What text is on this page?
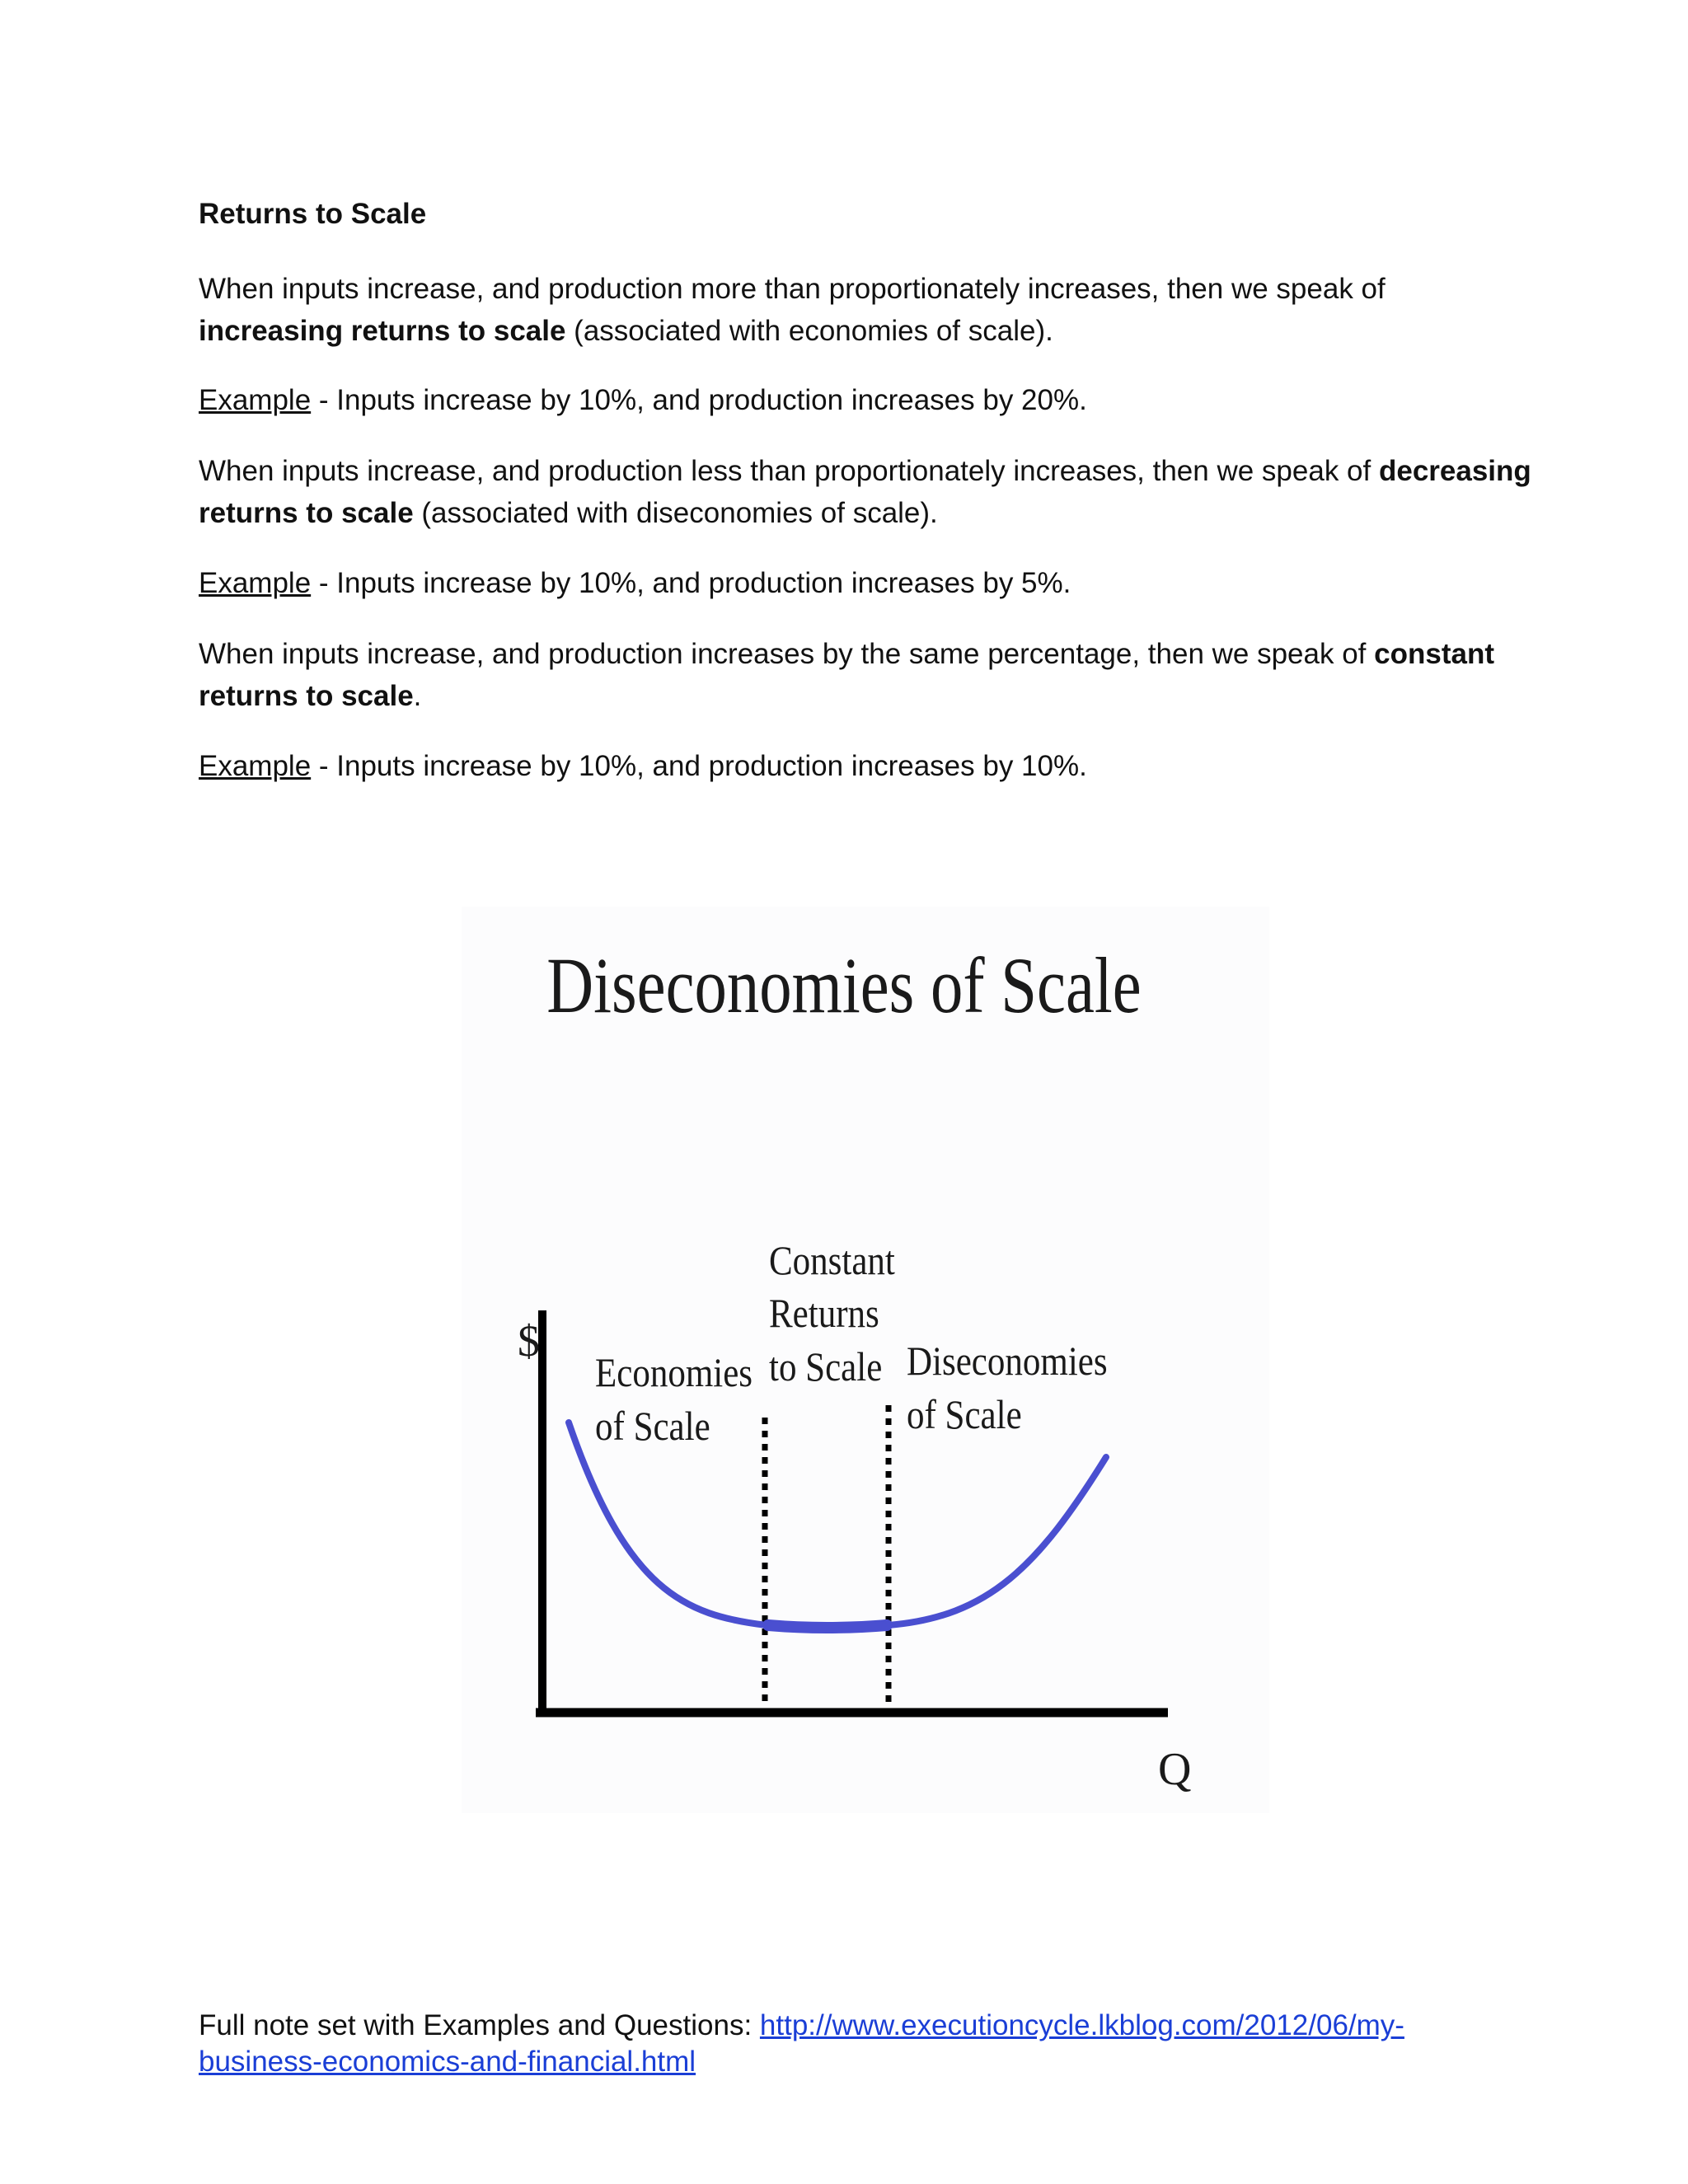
Returns to Scale

When inputs increase, and production more than proportionately increases, then we speak of increasing returns to scale (associated with economies of scale).

Example - Inputs increase by 10%, and production increases by 20%.

When inputs increase, and production less than proportionately increases, then we speak of decreasing returns to scale (associated with diseconomies of scale).

Example - Inputs increase by 10%, and production increases by 5%.

When inputs increase, and production increases by the same percentage, then we speak of constant returns to scale.

Example - Inputs increase by 10%, and production increases by 10%.

Diseconomies of Scale
$
Q
Economies
of Scale
Constant
Returns
to Scale Diseconomies
of Scale
Full note set with Examples and Questions: http://www.executioncycle.lkblog.com/2012/06/my-
business-economics-and-financial.html
